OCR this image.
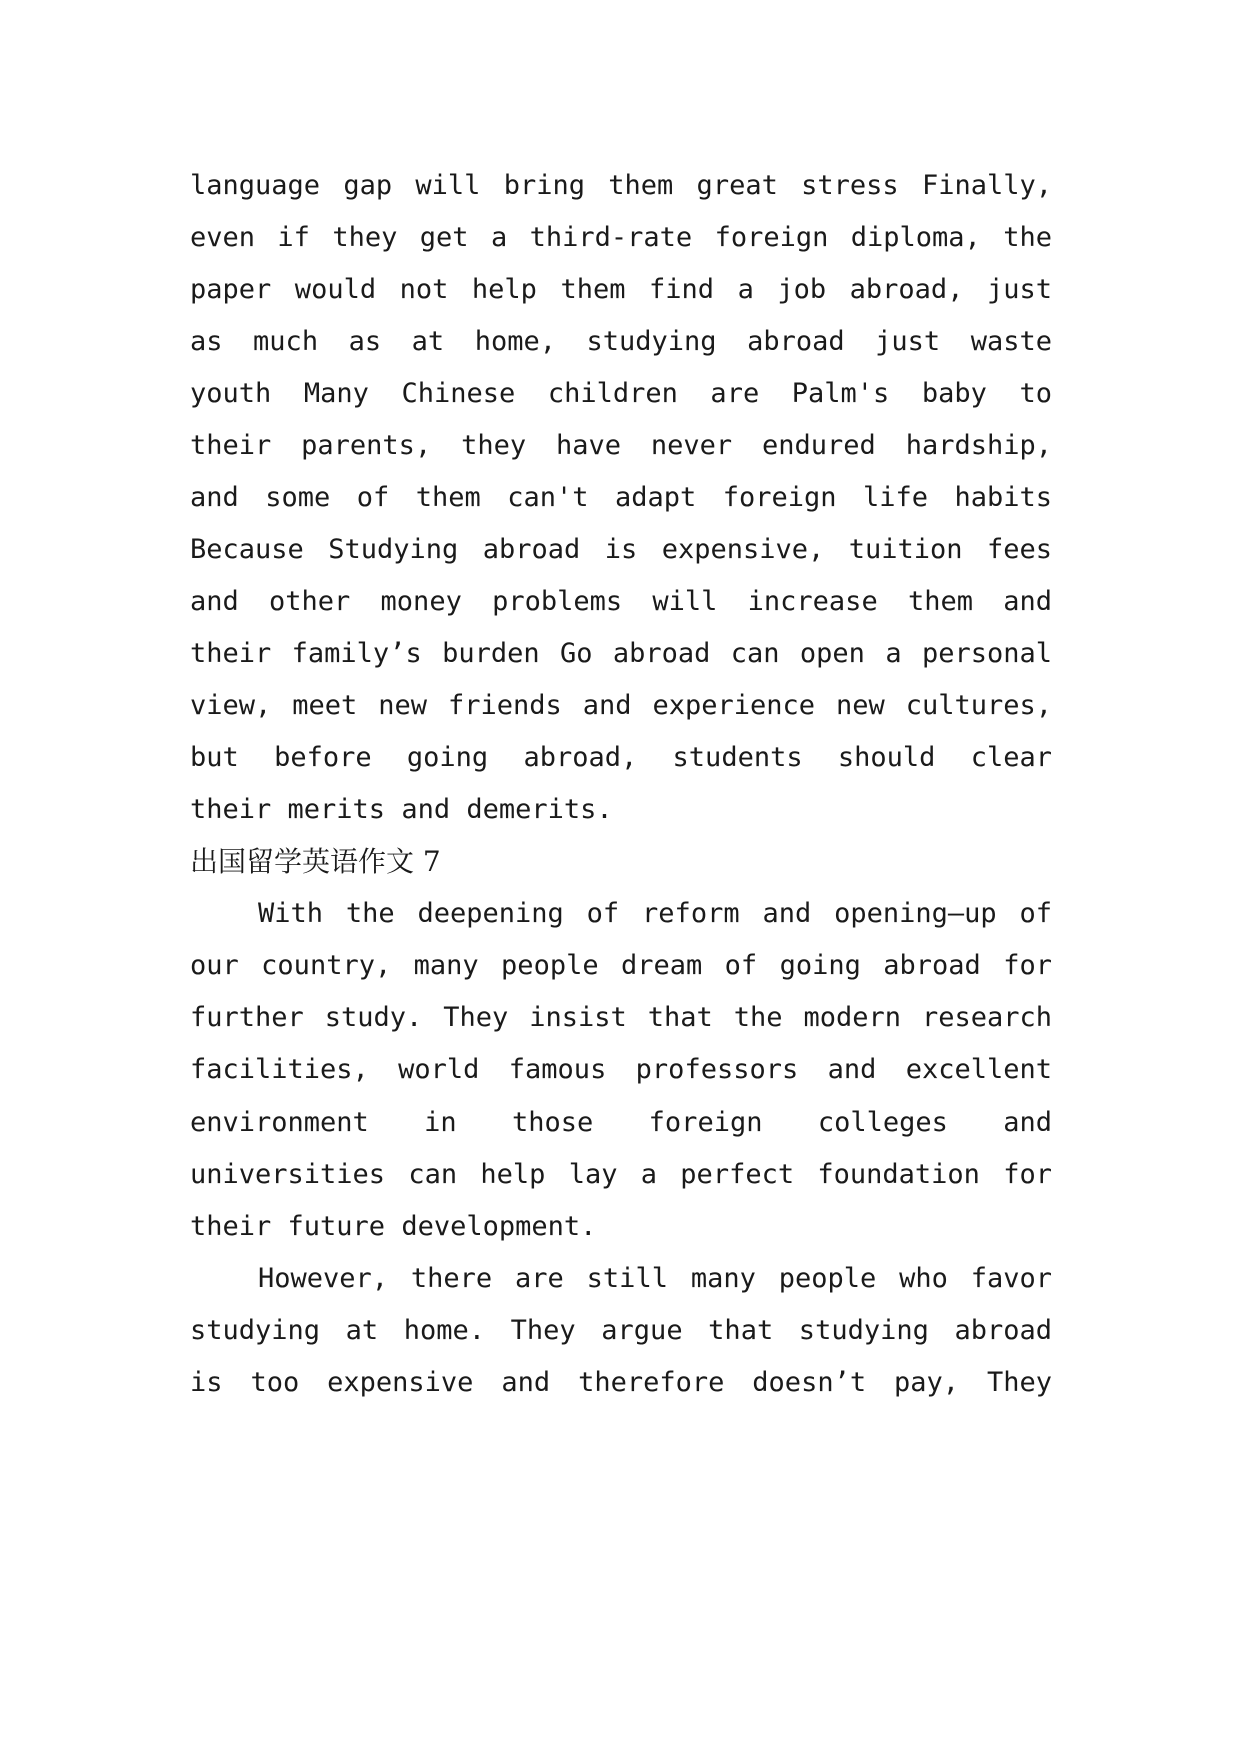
language gap will bring them great stress Finally,
even if they get a third-rate foreign diploma, the
paper would not help them find a job abroad, just
as much as at home, studying abroad just waste
youth Many Chinese children are Palm's baby to
their parents, they have never endured hardship,
and some of them can't adapt foreign life habits
Because Studying abroad is expensive, tuition fees
and other money problems will increase them and
their family’s burden Go abroad can open a personal
view, meet new friends and experience new cultures,
but before going abroad, students should clear
their merits and demerits.
出国留学英语作文 7
With the deepening of reform and opening—up of
our country, many people dream of going abroad for
further study. They insist that the modern research
facilities, world famous professors and excellent
environment in those foreign colleges and
universities can help lay a perfect foundation for
their future development.
However, there are still many people who favor
studying at home. They argue that studying abroad
is too expensive and therefore doesn’t pay, They
